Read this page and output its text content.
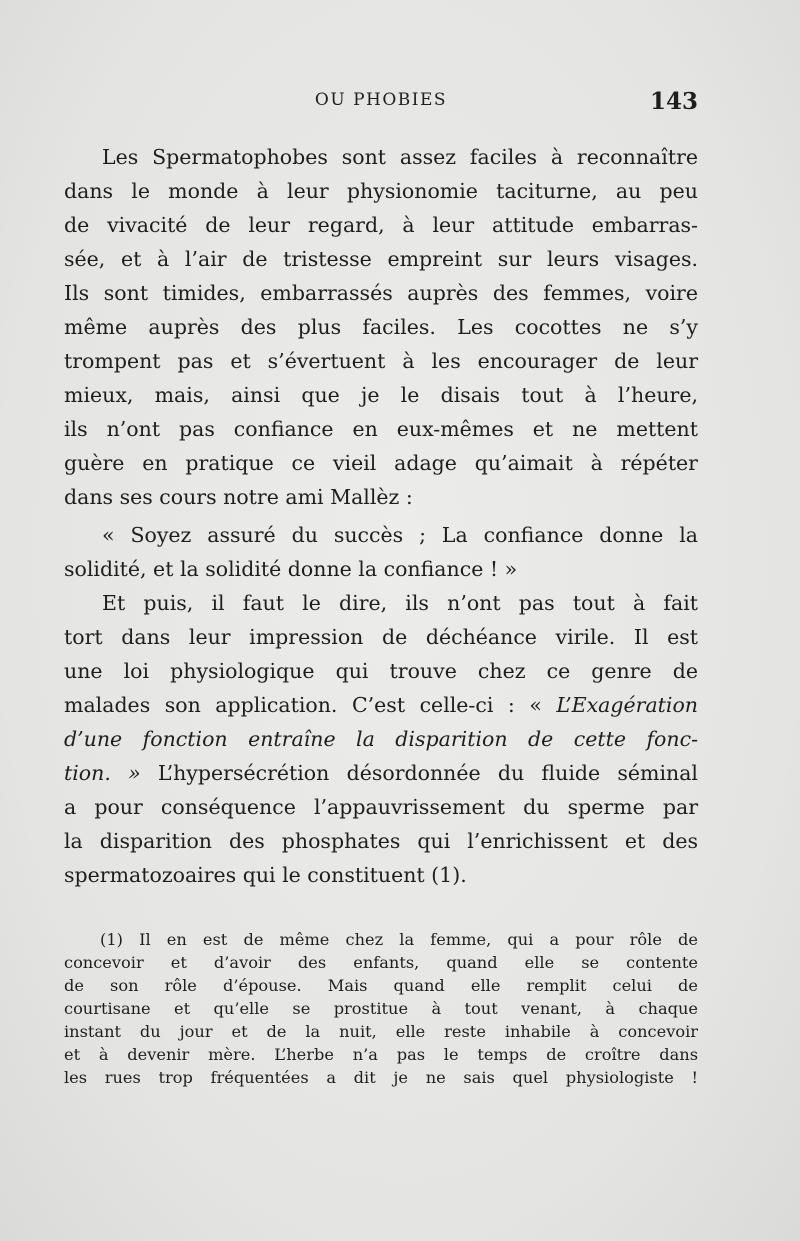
OU PHOBIES	143
Les Spermatophobes sont assez faciles à reconnaître
dans le monde à leur physionomie taciturne, au peu
de vivacité de leur regard, à leur attitude embarras-
sée, et à l’air de tristesse empreint sur leurs visages.
Ils sont timides, embarrassés auprès des femmes, voire
même auprès des plus faciles. Les cocottes ne s’y
trompent pas et s’évertuent à les encourager de leur
mieux, mais, ainsi que je le disais tout à l’heure,
ils n’ont pas confiance en eux-mêmes et ne mettent
guère en pratique ce vieil adage qu’aimait à répéter
dans ses cours notre ami Mallèz :
« Soyez assuré du succès ; La confiance donne la
solidité, et la solidité donne la confiance ! »
Et puis, il faut le dire, ils n’ont pas tout à fait
tort dans leur impression de déchéance virile. Il est
une loi physiologique qui trouve chez ce genre de
malades son application. C’est celle-ci : « L’Exagération
d’une fonction entraîne la disparition de cette fonc-
tion. » L’hypersécrétion désordonnée du fluide séminal
a pour conséquence l’appauvrissement du sperme par
la disparition des phosphates qui l’enrichissent et des
spermatozoaires qui le constituent (1).
(1) Il en est de même chez la femme, qui a pour rôle de
concevoir et d’avoir des enfants, quand elle se contente
de son rôle d’épouse. Mais quand elle remplit celui de
courtisane et qu’elle se prostitue à tout venant, à chaque
instant du jour et de la nuit, elle reste inhabile à concevoir
et à devenir mère. L’herbe n’a pas le temps de croître dans
les rues trop fréquentées a dit je ne sais quel physiologiste !
